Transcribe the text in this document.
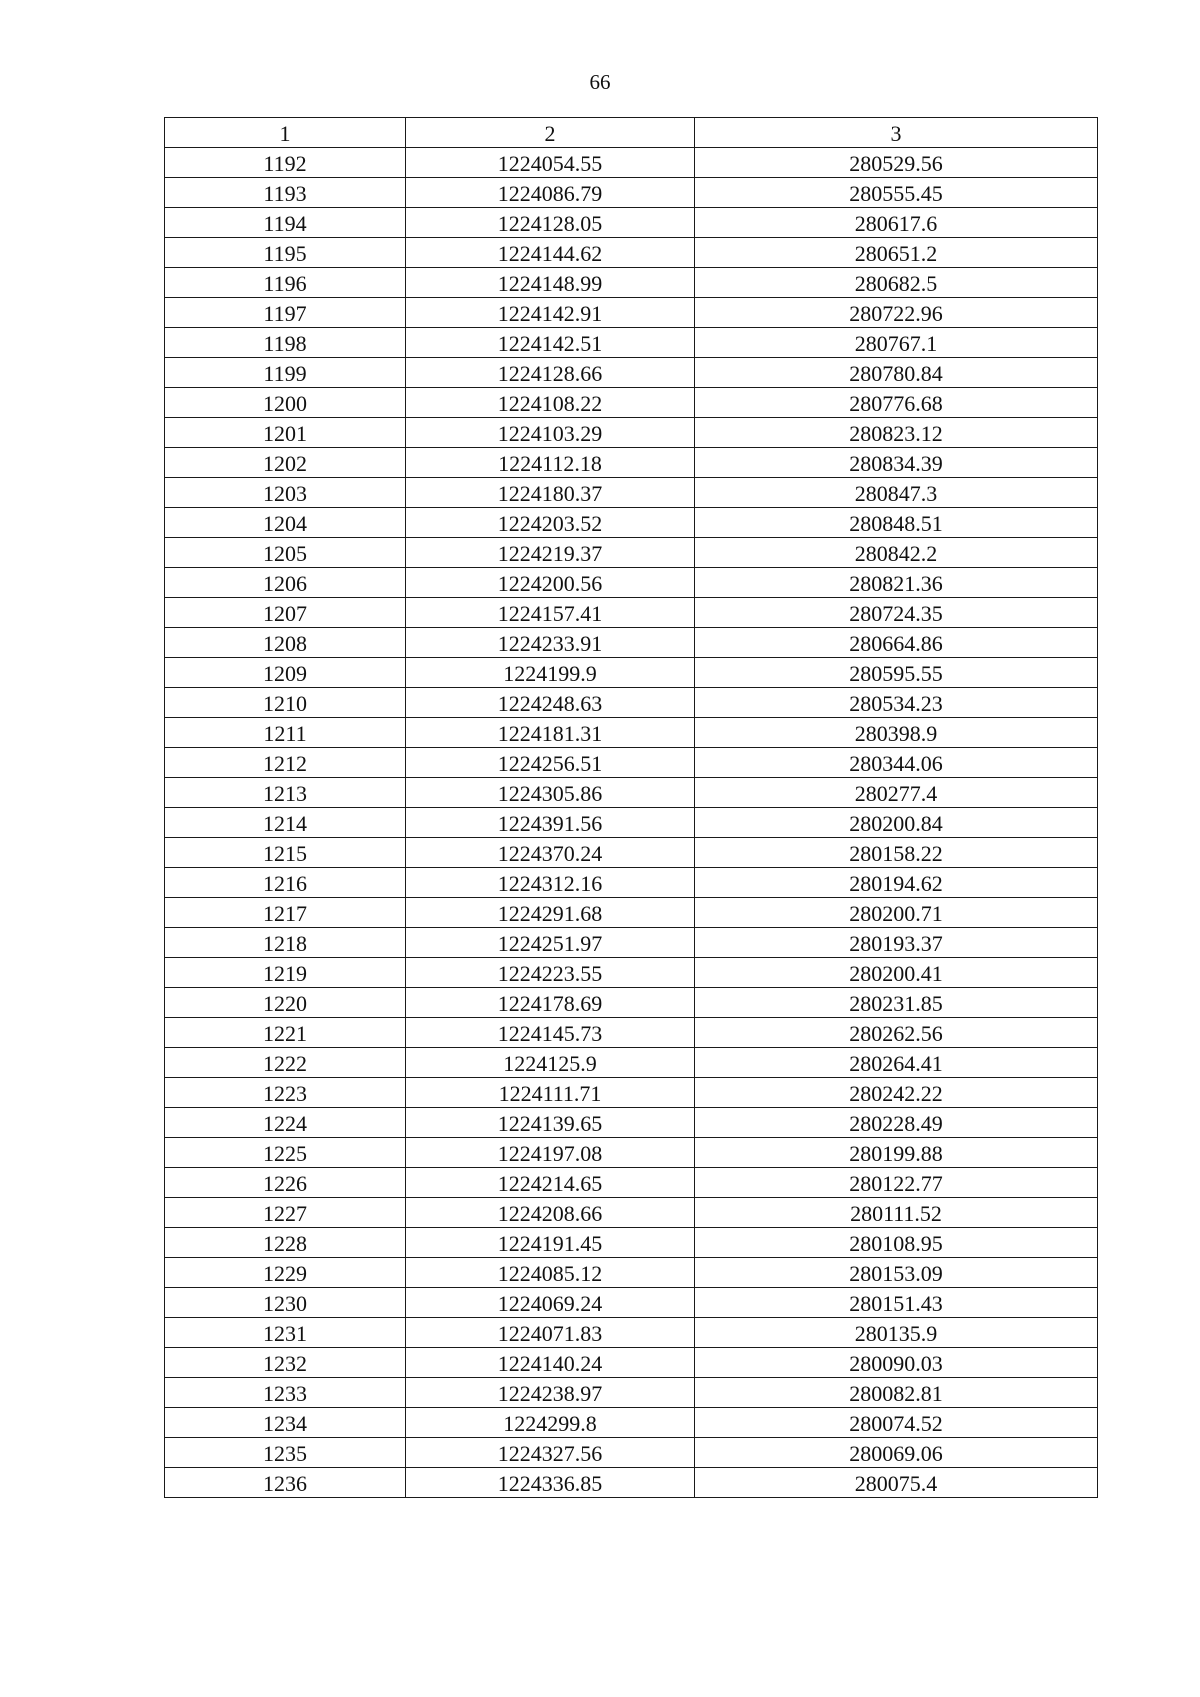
66
1	2	3
1192	1224054.55	280529.56
1193	1224086.79	280555.45
1194	1224128.05	280617.6
1195	1224144.62	280651.2
1196	1224148.99	280682.5
1197	1224142.91	280722.96
1198	1224142.51	280767.1
1199	1224128.66	280780.84
1200	1224108.22	280776.68
1201	1224103.29	280823.12
1202	1224112.18	280834.39
1203	1224180.37	280847.3
1204	1224203.52	280848.51
1205	1224219.37	280842.2
1206	1224200.56	280821.36
1207	1224157.41	280724.35
1208	1224233.91	280664.86
1209	1224199.9	280595.55
1210	1224248.63	280534.23
1211	1224181.31	280398.9
1212	1224256.51	280344.06
1213	1224305.86	280277.4
1214	1224391.56	280200.84
1215	1224370.24	280158.22
1216	1224312.16	280194.62
1217	1224291.68	280200.71
1218	1224251.97	280193.37
1219	1224223.55	280200.41
1220	1224178.69	280231.85
1221	1224145.73	280262.56
1222	1224125.9	280264.41
1223	1224111.71	280242.22
1224	1224139.65	280228.49
1225	1224197.08	280199.88
1226	1224214.65	280122.77
1227	1224208.66	280111.52
1228	1224191.45	280108.95
1229	1224085.12	280153.09
1230	1224069.24	280151.43
1231	1224071.83	280135.9
1232	1224140.24	280090.03
1233	1224238.97	280082.81
1234	1224299.8	280074.52
1235	1224327.56	280069.06
1236	1224336.85	280075.4
